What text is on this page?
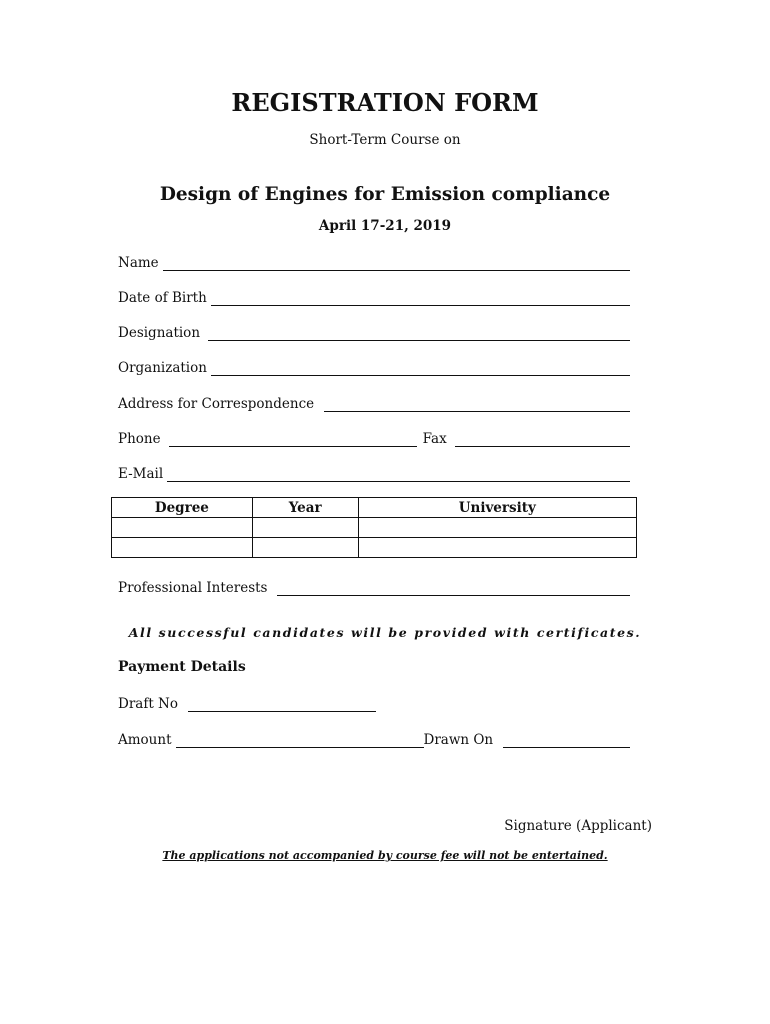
REGISTRATION FORM
Short-Term Course on
Design of Engines for Emission compliance
April 17-21, 2019
Name
Date of Birth
Designation
Organization
Address for Correspondence
Phone	Fax
E-Mail
Degree	Year	University

Professional Interests
All successful candidates will be provided with certificates.
Payment Details
Draft No
Amount	Drawn On
Signature (Applicant)
The applications not accompanied by course fee will not be entertained.
